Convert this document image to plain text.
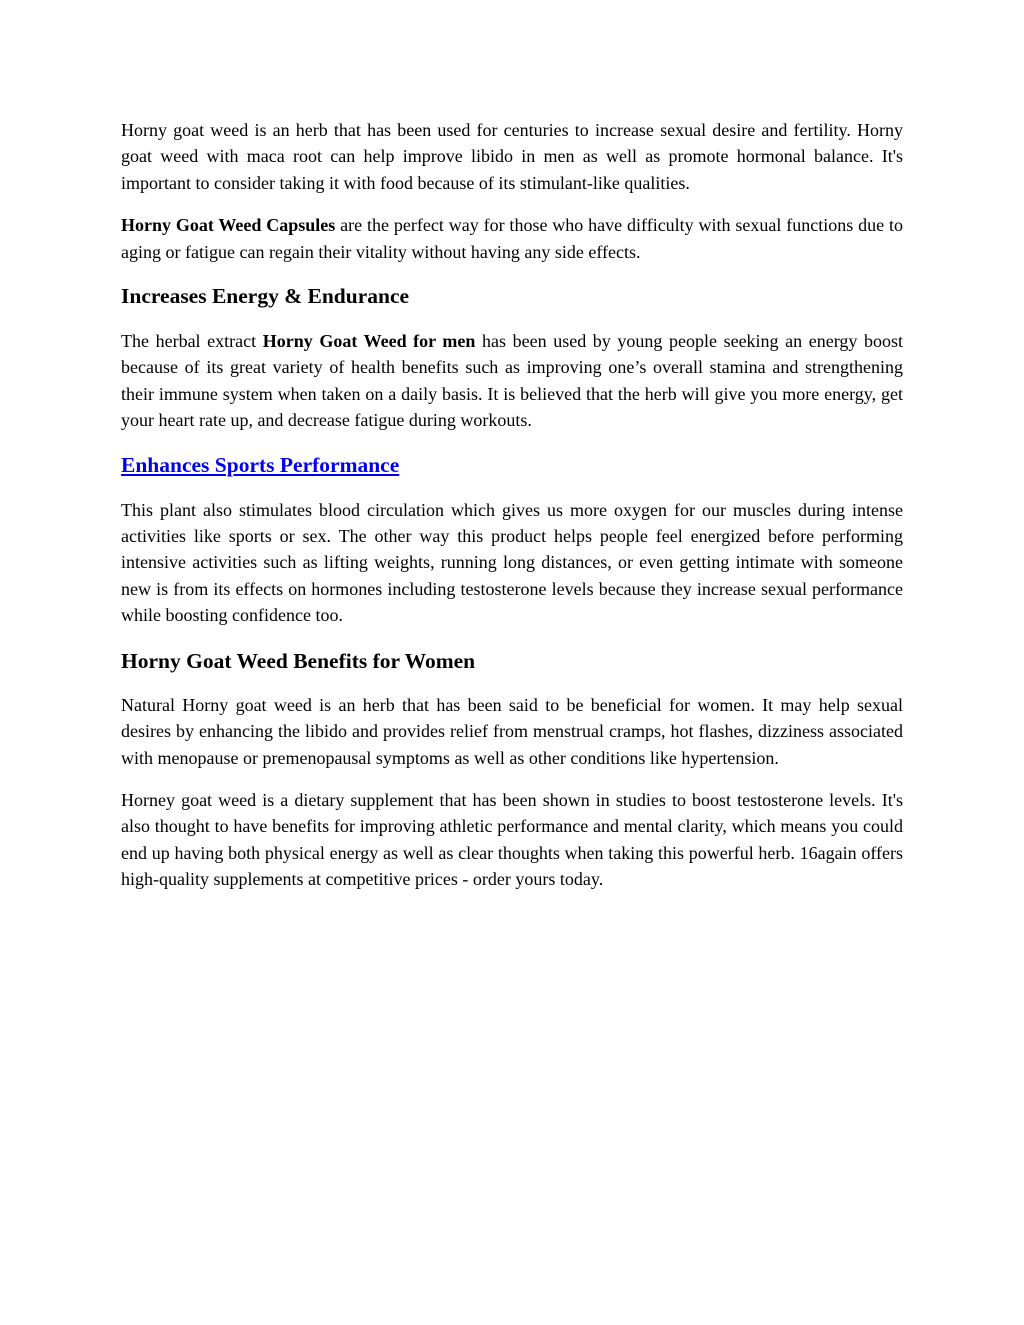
Horny goat weed is an herb that has been used for centuries to increase sexual desire and fertility. Horny goat weed with maca root can help improve libido in men as well as promote hormonal balance. It's important to consider taking it with food because of its stimulant-like qualities.

Horny Goat Weed Capsules are the perfect way for those who have difficulty with sexual functions due to aging or fatigue can regain their vitality without having any side effects.

Increases Energy & Endurance

The herbal extract Horny Goat Weed for men has been used by young people seeking an energy boost because of its great variety of health benefits such as improving one’s overall stamina and strengthening their immune system when taken on a daily basis. It is believed that the herb will give you more energy, get your heart rate up, and decrease fatigue during workouts.

Enhances Sports Performance

This plant also stimulates blood circulation which gives us more oxygen for our muscles during intense activities like sports or sex. The other way this product helps people feel energized before performing intensive activities such as lifting weights, running long distances, or even getting intimate with someone new is from its effects on hormones including testosterone levels because they increase sexual performance while boosting confidence too.

Horny Goat Weed Benefits for Women

Natural Horny goat weed is an herb that has been said to be beneficial for women. It may help sexual desires by enhancing the libido and provides relief from menstrual cramps, hot flashes, dizziness associated with menopause or premenopausal symptoms as well as other conditions like hypertension.

Horney goat weed is a dietary supplement that has been shown in studies to boost testosterone levels. It's also thought to have benefits for improving athletic performance and mental clarity, which means you could end up having both physical energy as well as clear thoughts when taking this powerful herb. 16again offers high-quality supplements at competitive prices - order yours today.
